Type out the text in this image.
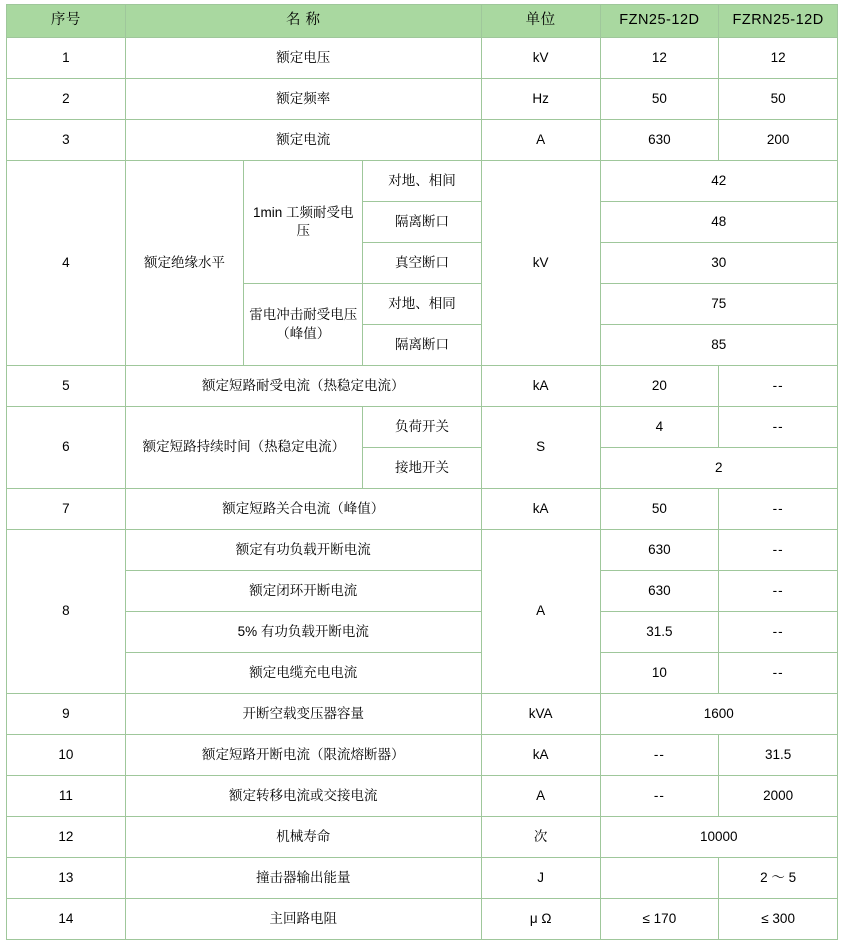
序号	名 称			单位	FZN25-12D	FZRN25-12D
1	额定电压			kV	12	12
2	额定频率			Hz	50	50
3	额定电流			A	630	200
4	额定绝缘水平	1min 工频耐受电压	对地、相间	kV	42	
			隔离断口		48	
			真空断口		30	
		雷电冲击耐受电压（峰值）	对地、相同		75	
			隔离断口		85	
5	额定短路耐受电流（热稳定电流）			kA	20	--
6	额定短路持续时间（热稳定电流）		负荷开关	S	4	--
			接地开关		2	
7	额定短路关合电流（峰值）			kA	50	--
8	额定有功负载开断电流			A	630	--
	额定闭环开断电流				630	--
	5% 有功负载开断电流				31.5	--
	额定电缆充电电流				10	--
9	开断空载变压器容量			kVA	1600	
10	额定短路开断电流（限流熔断器）			kA	--	31.5
11	额定转移电流或交接电流			A	--	2000
12	机械寿命			次	10000	
13	撞击器输出能量			J		2 ～ 5
14	主回路电阻			μ Ω	≤ 170	≤ 300
